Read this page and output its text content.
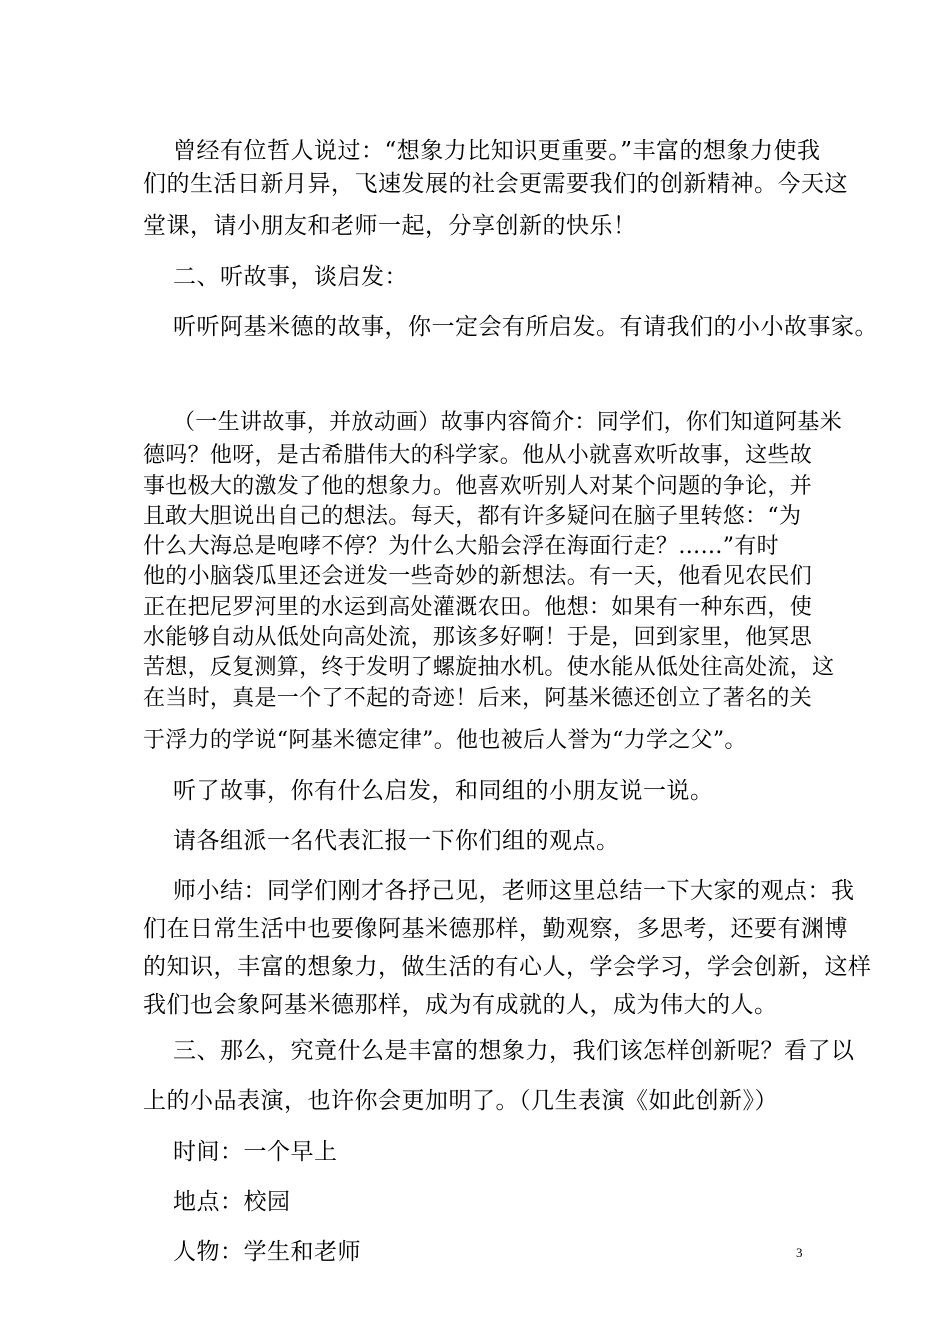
曾经有位哲人说过：“想象力比知识更重要。”丰富的想象力使我
们的生活日新月异，飞速发展的社会更需要我们的创新精神。今天这
堂课，请小朋友和老师一起，分享创新的快乐！
二、听故事，谈启发：
听听阿基米德的故事，你一定会有所启发。有请我们的小小故事家。
（一生讲故事，并放动画）故事内容简介：同学们，你们知道阿基米
德吗？他呀，是古希腊伟大的科学家。他从小就喜欢听故事，这些故
事也极大的激发了他的想象力。他喜欢听别人对某个问题的争论，并
且敢大胆说出自己的想法。每天，都有许多疑问在脑子里转悠：“为
什么大海总是咆哮不停？为什么大船会浮在海面行走？……”有时
他的小脑袋瓜里还会迸发一些奇妙的新想法。有一天，他看见农民们
正在把尼罗河里的水运到高处灌溉农田。他想：如果有一种东西，使
水能够自动从低处向高处流，那该多好啊！于是，回到家里，他冥思
苦想，反复测算，终于发明了螺旋抽水机。使水能从低处往高处流，这
在当时，真是一个了不起的奇迹！后来，阿基米德还创立了著名的关
于浮力的学说“阿基米德定律”。他也被后人誉为“力学之父”。
听了故事，你有什么启发，和同组的小朋友说一说。
请各组派一名代表汇报一下你们组的观点。
师小结：同学们刚才各抒己见，老师这里总结一下大家的观点：我
们在日常生活中也要像阿基米德那样，勤观察，多思考，还要有渊博
的知识，丰富的想象力，做生活的有心人，学会学习，学会创新，这样
我们也会象阿基米德那样，成为有成就的人，成为伟大的人。
三、那么，究竟什么是丰富的想象力，我们该怎样创新呢？看了以
上的小品表演，也许你会更加明了。（几生表演《如此创新》）
时间：一个早上
地点：校园
人物：学生和老师	3
